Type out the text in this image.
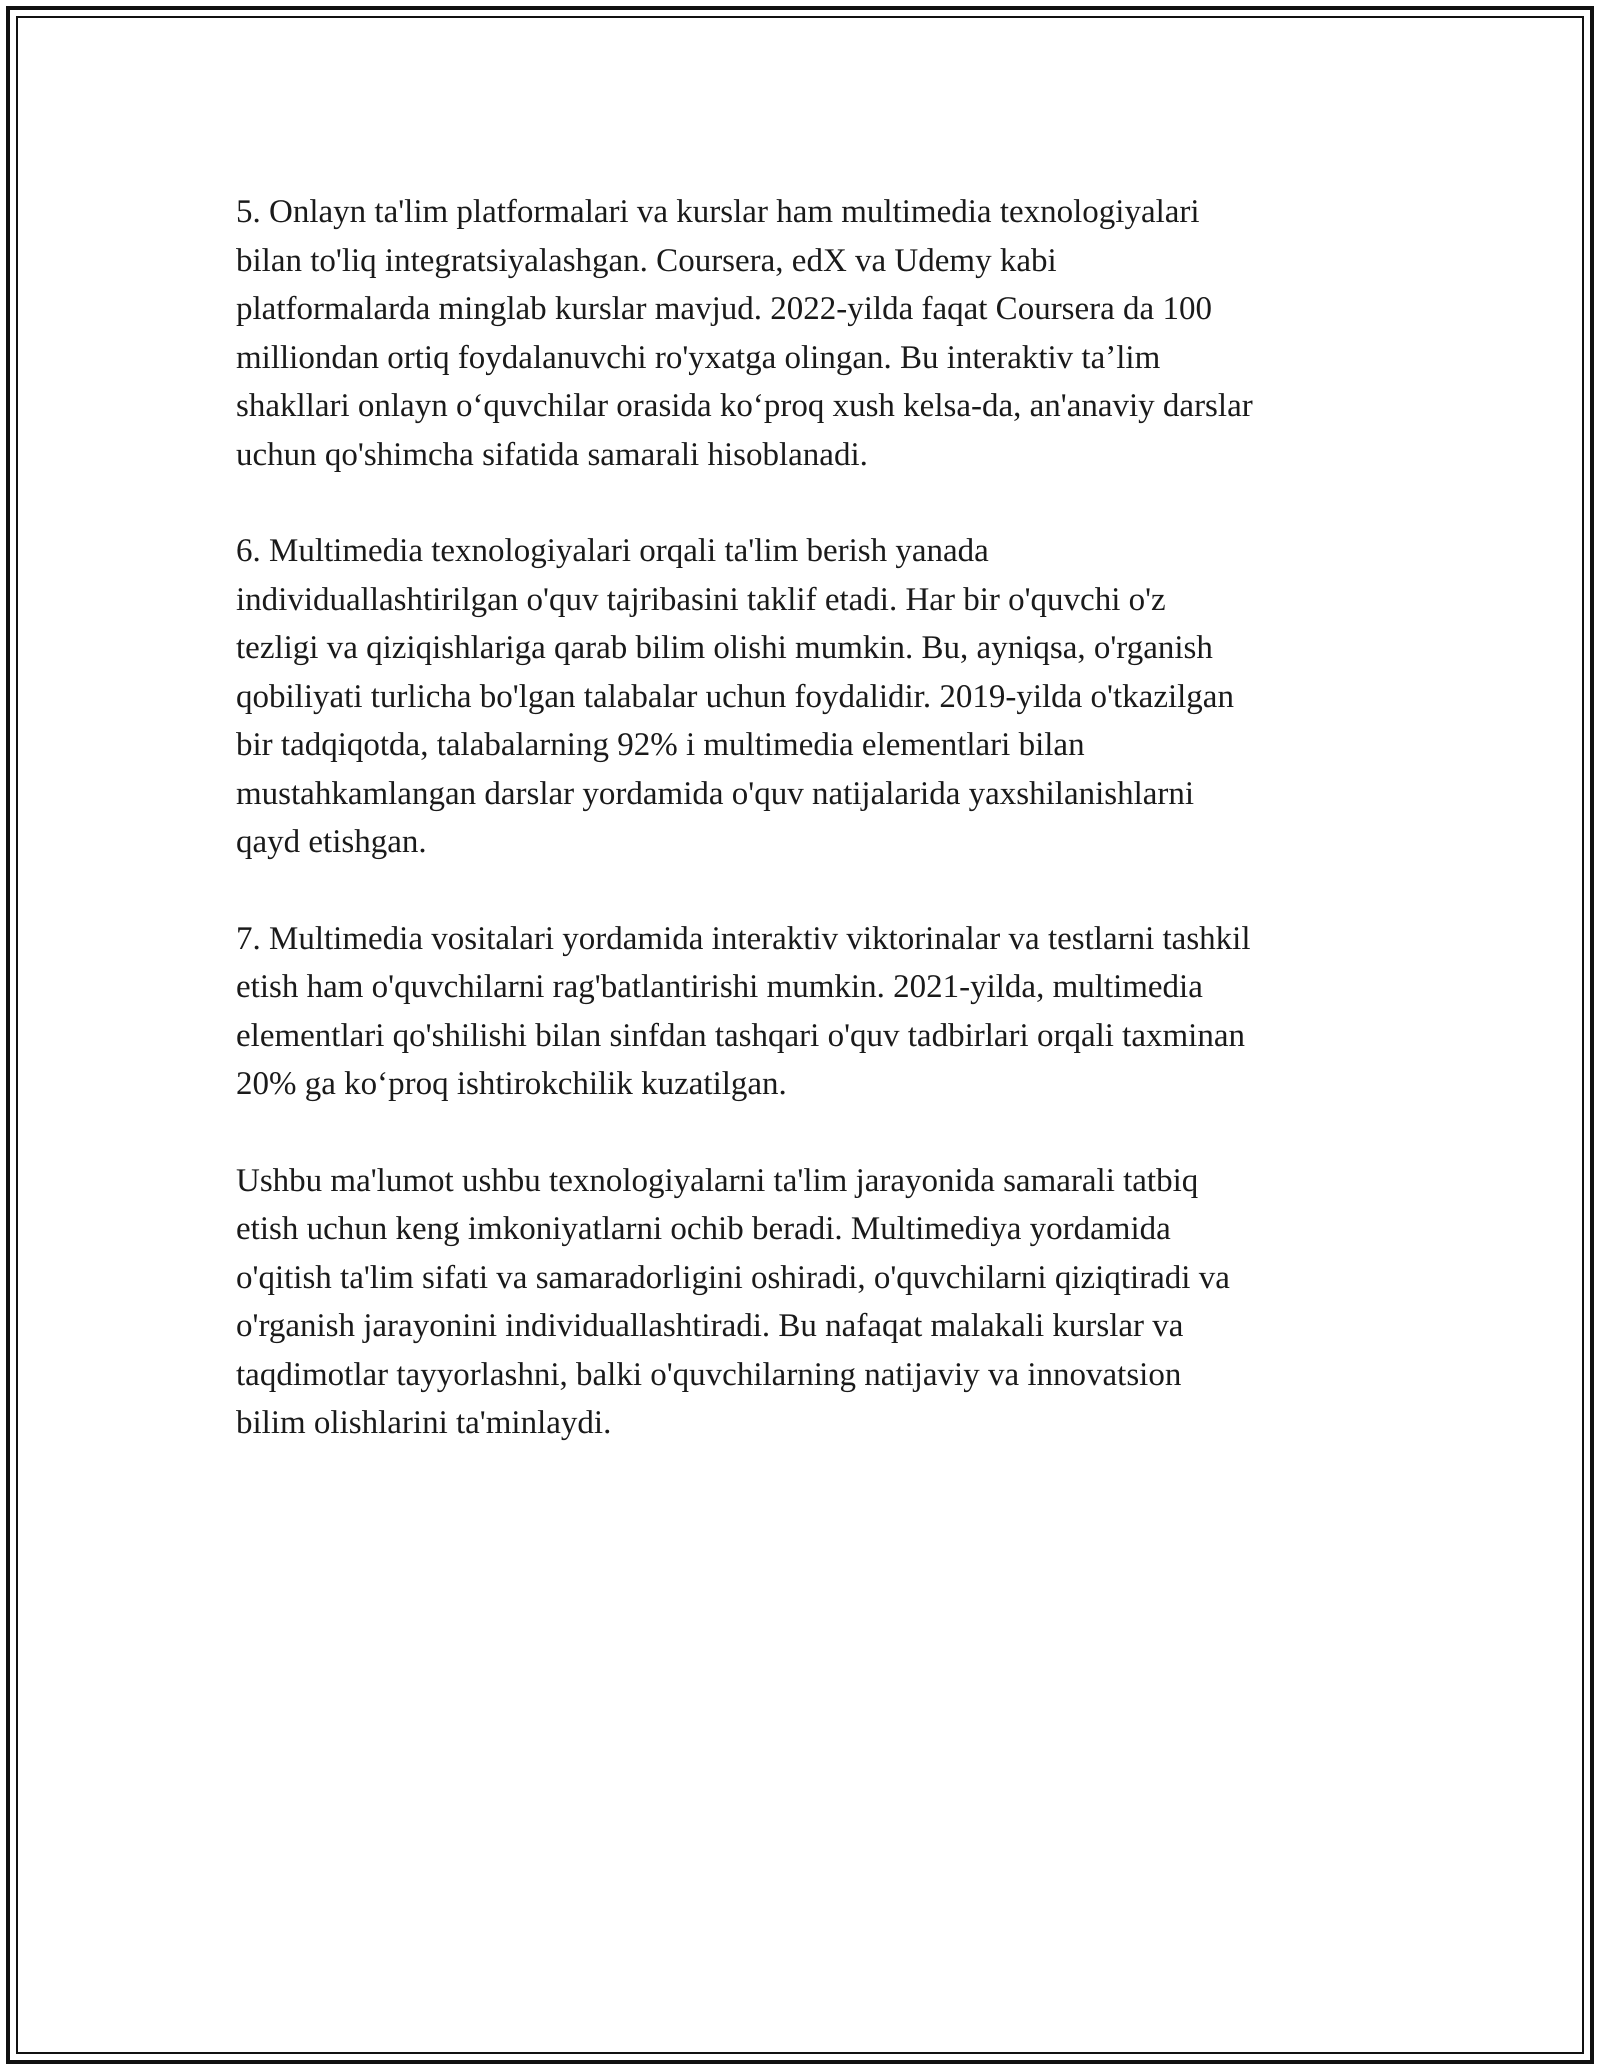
5. Onlayn ta'lim platformalari va kurslar ham multimedia texnologiyalari
bilan to'liq integratsiyalashgan. Coursera, edX va Udemy kabi
platformalarda minglab kurslar mavjud. 2022-yilda faqat Coursera da 100
milliondan ortiq foydalanuvchi ro'yxatga olingan. Bu interaktiv ta’lim
shakllari onlayn o‘quvchilar orasida ko‘proq xush kelsa-da, an'anaviy darslar
uchun qo'shimcha sifatida samarali hisoblanadi.

6. Multimedia texnologiyalari orqali ta'lim berish yanada
individuallashtirilgan o'quv tajribasini taklif etadi. Har bir o'quvchi o'z
tezligi va qiziqishlariga qarab bilim olishi mumkin. Bu, ayniqsa, o'rganish
qobiliyati turlicha bo'lgan talabalar uchun foydalidir. 2019-yilda o'tkazilgan
bir tadqiqotda, talabalarning 92% i multimedia elementlari bilan
mustahkamlangan darslar yordamida o'quv natijalarida yaxshilanishlarni
qayd etishgan.

7. Multimedia vositalari yordamida interaktiv viktorinalar va testlarni tashkil
etish ham o'quvchilarni rag'batlantirishi mumkin. 2021-yilda, multimedia
elementlari qo'shilishi bilan sinfdan tashqari o'quv tadbirlari orqali taxminan
20% ga ko‘proq ishtirokchilik kuzatilgan.

Ushbu ma'lumot ushbu texnologiyalarni ta'lim jarayonida samarali tatbiq
etish uchun keng imkoniyatlarni ochib beradi. Multimediya yordamida
o'qitish ta'lim sifati va samaradorligini oshiradi, o'quvchilarni qiziqtiradi va
o'rganish jarayonini individuallashtiradi. Bu nafaqat malakali kurslar va
taqdimotlar tayyorlashni, balki o'quvchilarning natijaviy va innovatsion
bilim olishlarini ta'minlaydi.
